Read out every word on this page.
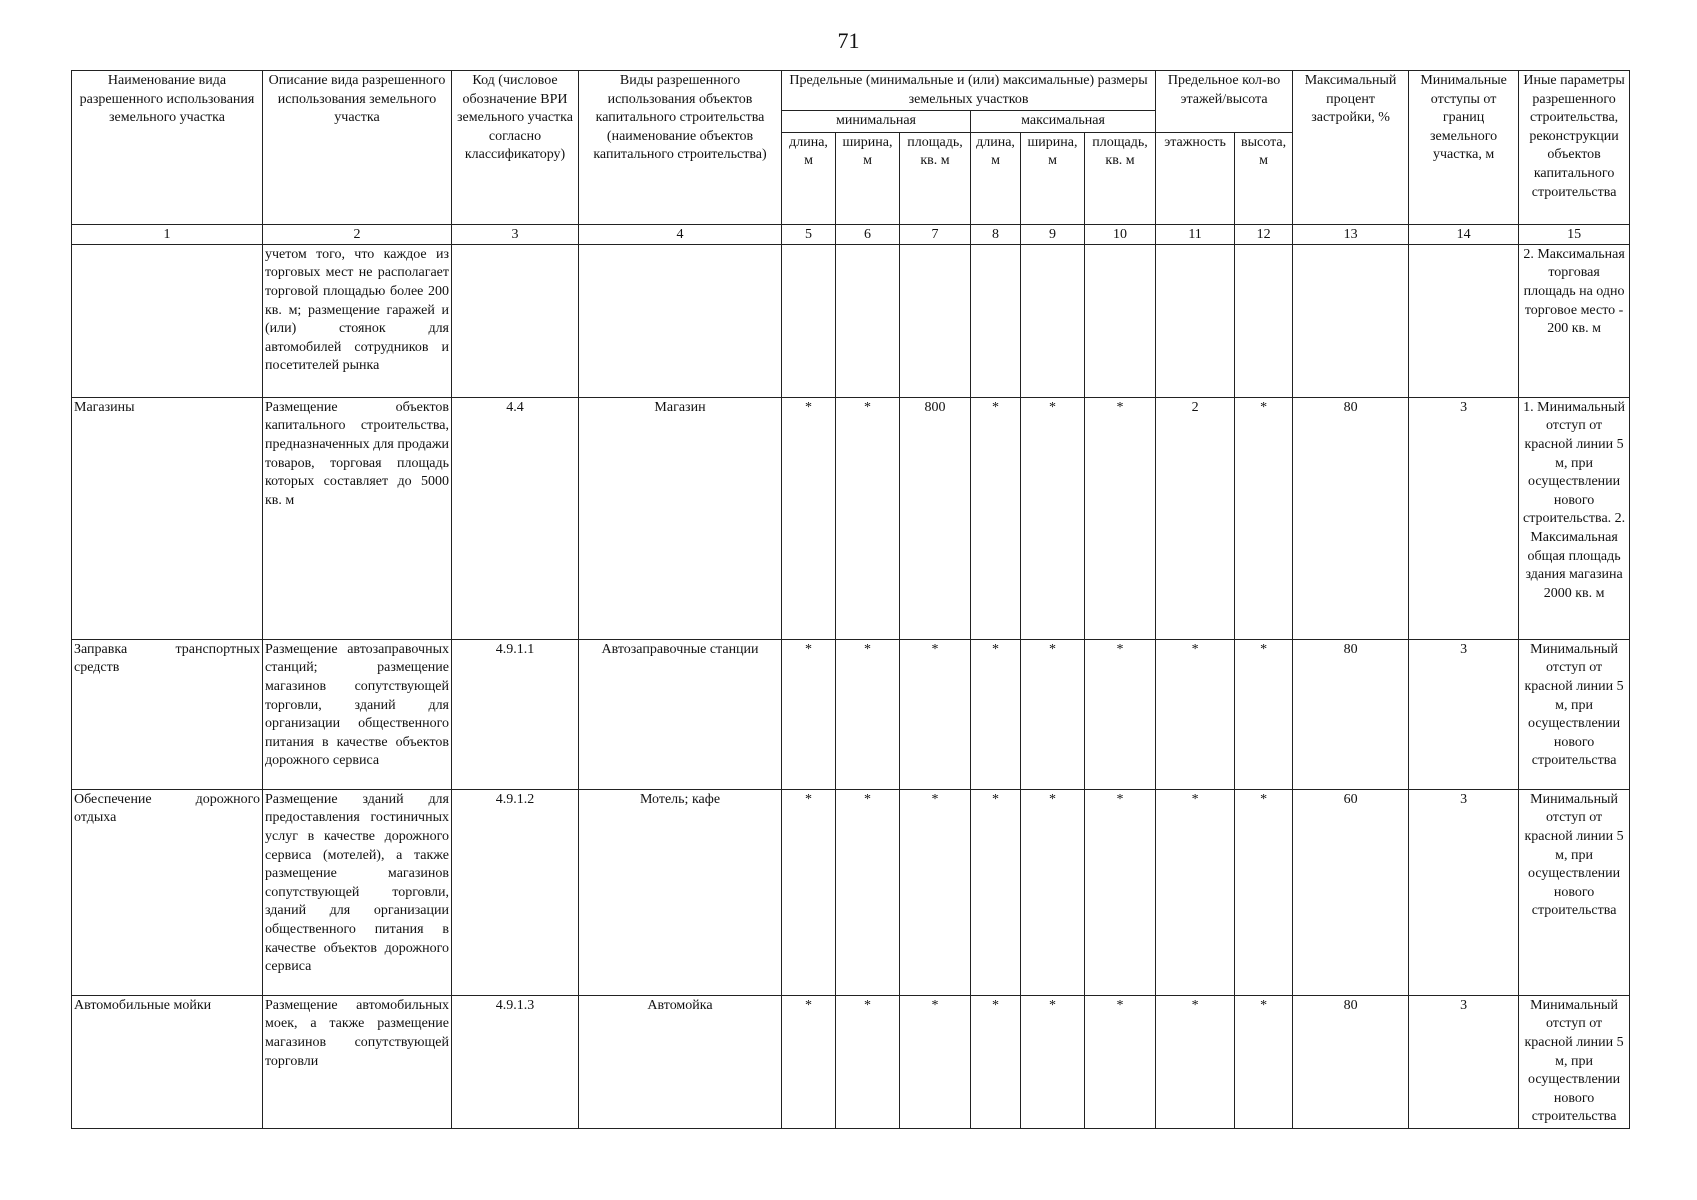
71
Наименование вида разрешенного использования земельного участка	Описание вида разрешенного использования земельного участка	Код (числовое обозначение ВРИ земельного участка согласно классификатору)	Виды разрешенного использования объектов капитального строительства (наименование объектов капитального строительства)	Предельные (минимальные и (или) максимальные) размеры земельных участков						Предельное кол-во этажей/высота		Максимальный процент застройки, %	Минимальные отступы от границ земельного участка, м	Иные параметры разрешенного строительства, реконструкции объектов капитального строительства
				минимальная			максимальная							
				длина, м	ширина, м	площадь, кв. м	длина, м	ширина, м	площадь, кв. м	этажность	высота, м			
1	2	3	4	5	6	7	8	9	10	11	12	13	14	15
	учетом того, что каждое из торговых мест не располагает торговой площадью более 200 кв. м; размещение гаражей и (или) стоянок для автомобилей сотрудников и посетителей рынка													2. Максимальная торговая площадь на одно торговое место - 200 кв. м
Магазины	Размещение объектов капитального строительства, предназначенных для продажи товаров, торговая площадь которых составляет до 5000 кв. м	4.4	Магазин	*	*	800	*	*	*	2	*	80	3	1. Минимальный отступ от красной линии 5 м, при осуществлении нового строительства. 2. Максимальная общая площадь здания магазина 2000 кв. м
Заправка транспортных средств	Размещение автозаправочных станций; размещение магазинов сопутствующей торговли, зданий для организации общественного питания в качестве объектов дорожного сервиса	4.9.1.1	Автозаправочные станции	*	*	*	*	*	*	*	*	80	3	Минимальный отступ от красной линии 5 м, при осуществлении нового строительства
Обеспечение дорожного отдыха	Размещение зданий для предоставления гостиничных услуг в качестве дорожного сервиса (мотелей), а также размещение магазинов сопутствующей торговли, зданий для организации общественного питания в качестве объектов дорожного сервиса	4.9.1.2	Мотель; кафе	*	*	*	*	*	*	*	*	60	3	Минимальный отступ от красной линии 5 м, при осуществлении нового строительства
Автомобильные мойки	Размещение автомобильных моек, а также размещение магазинов сопутствующей торговли	4.9.1.3	Автомойка	*	*	*	*	*	*	*	*	80	3	Минимальный отступ от красной линии 5 м, при осуществлении нового строительства
